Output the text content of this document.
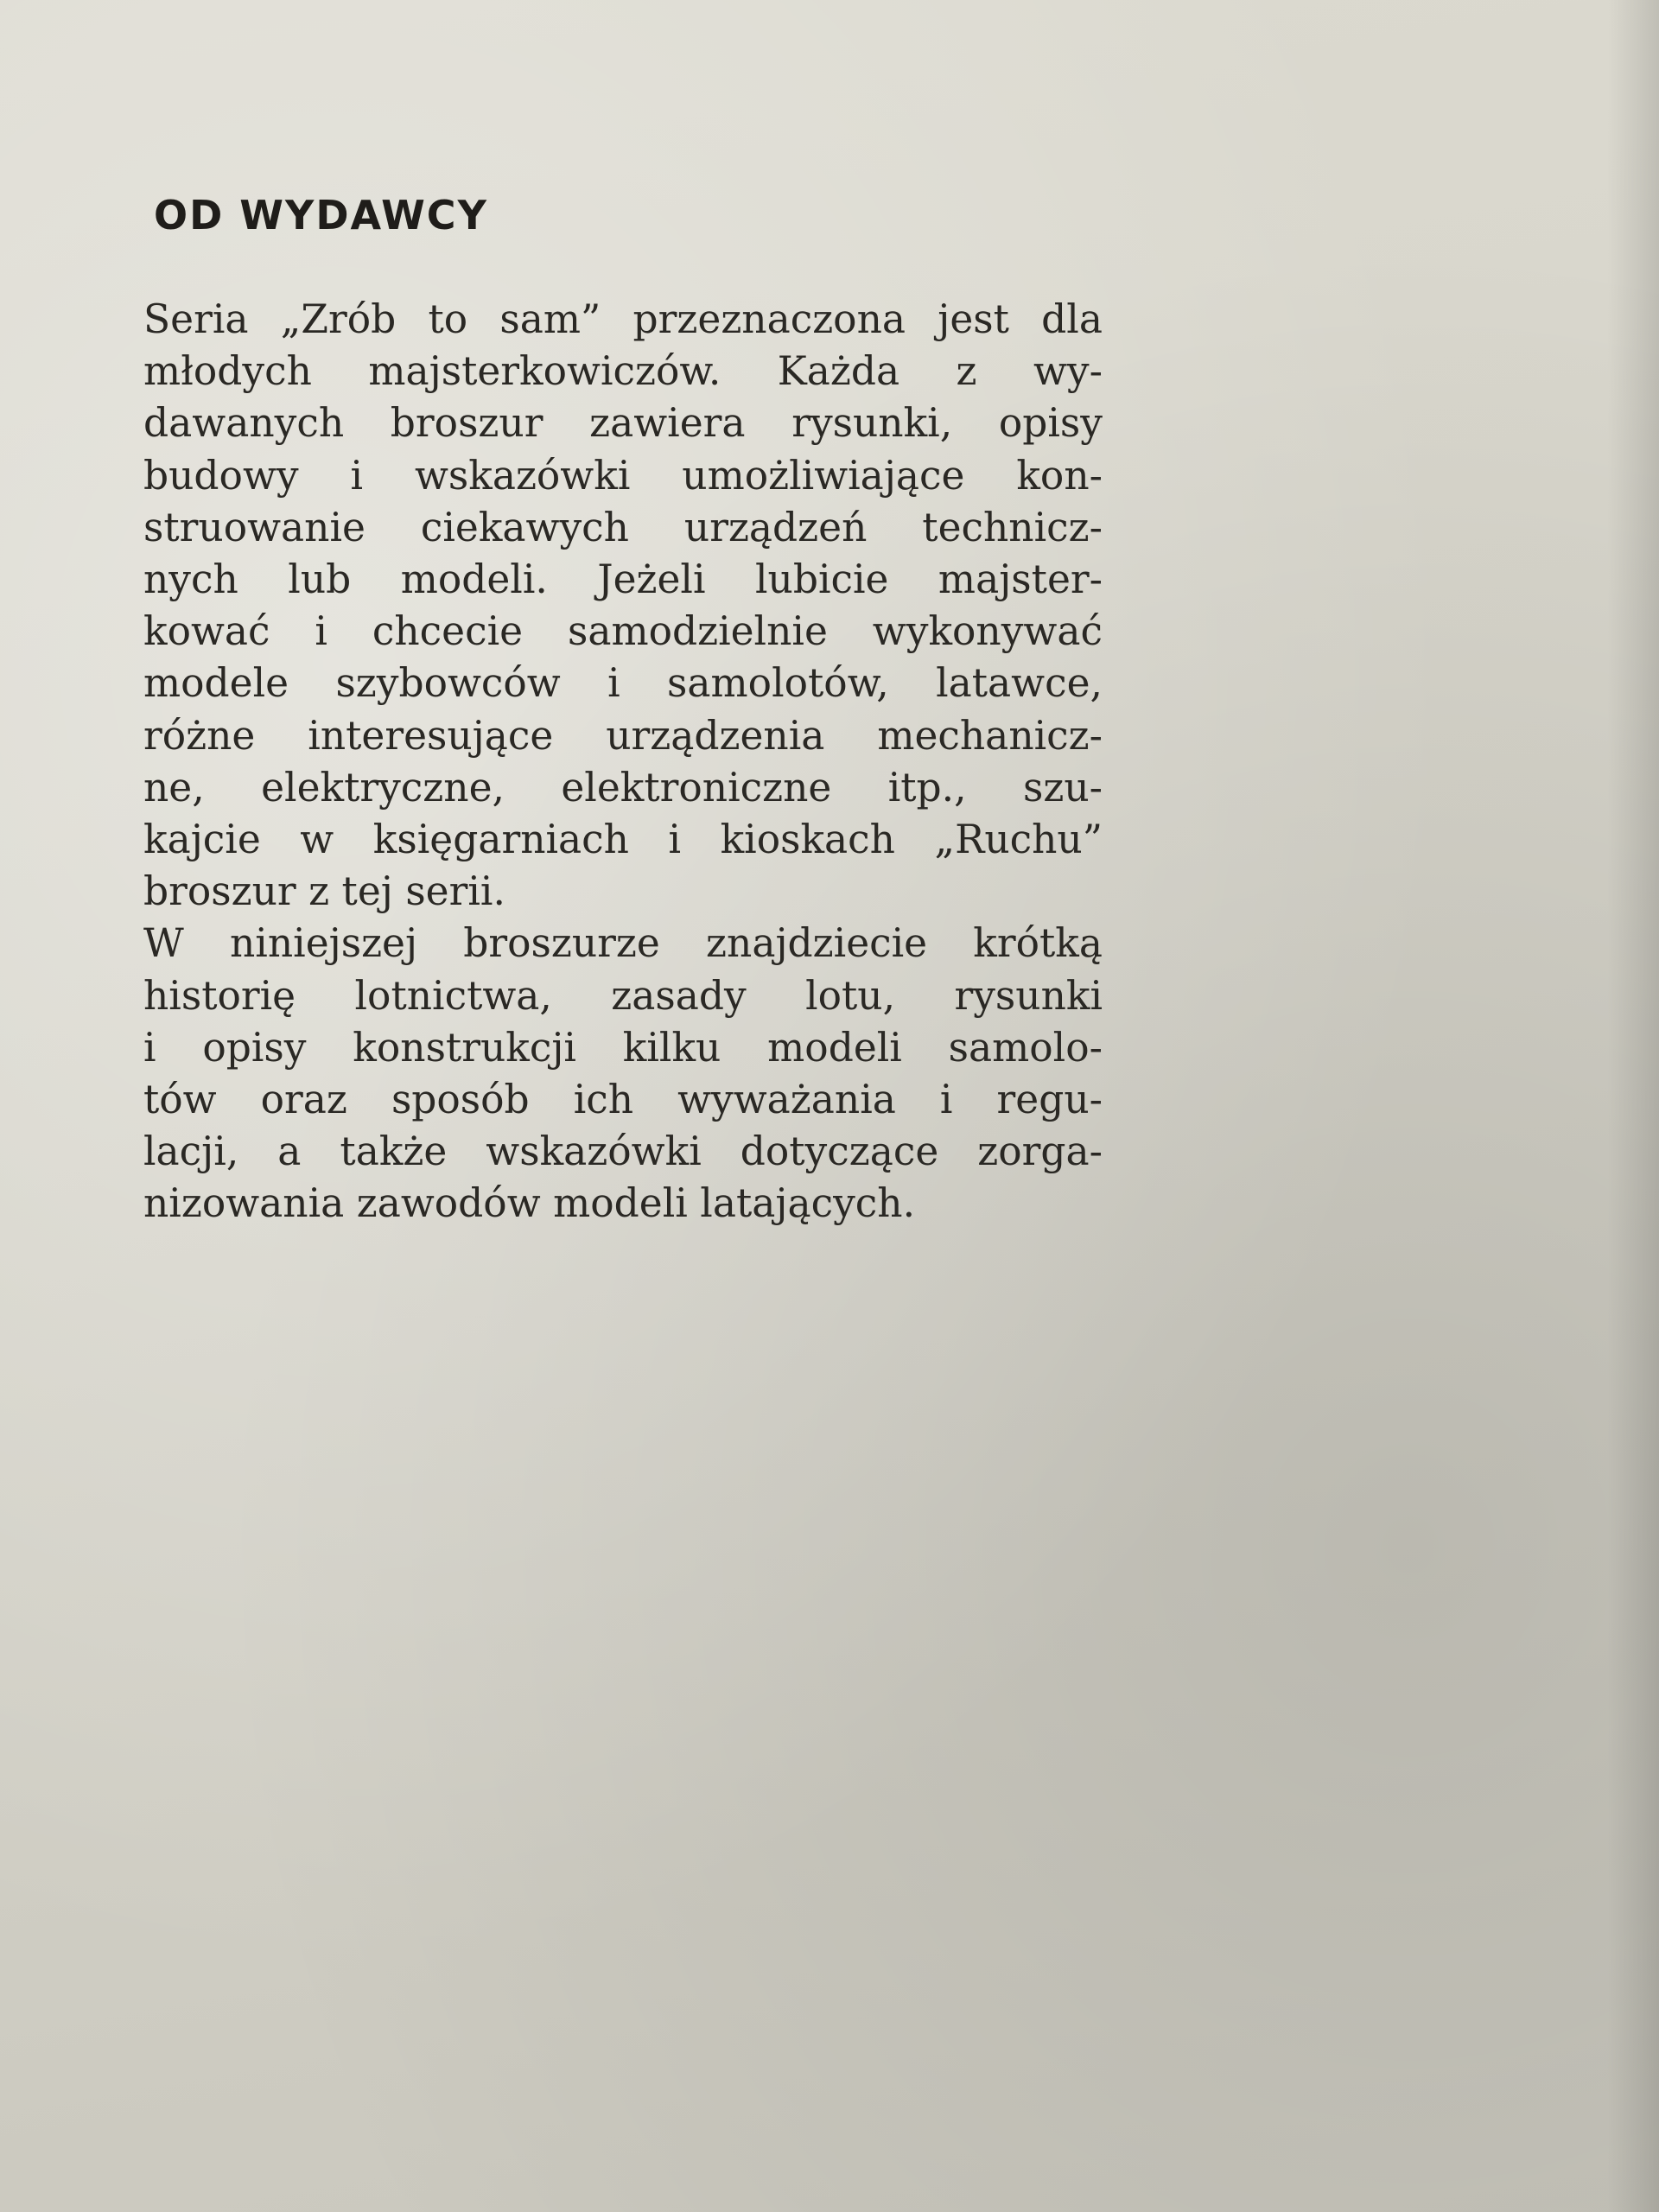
OD WYDAWCY
Seria „Zrób to sam” przeznaczona jest dla
młodych majsterkowiczów. Każda z wy-
dawanych broszur zawiera rysunki, opisy
budowy i wskazówki umożliwiające kon-
struowanie ciekawych urządzeń technicz-
nych lub modeli. Jeżeli lubicie majster-
kować i chcecie samodzielnie wykonywać
modele szybowców i samolotów, latawce,
różne interesujące urządzenia mechanicz-
ne, elektryczne, elektroniczne itp., szu-
kajcie w księgarniach i kioskach „Ruchu”
broszur z tej serii.
W niniejszej broszurze znajdziecie krótką
historię lotnictwa, zasady lotu, rysunki
i opisy konstrukcji kilku modeli samolo-
tów oraz sposób ich wyważania i regu-
lacji, a także wskazówki dotyczące zorga-
nizowania zawodów modeli latających.
